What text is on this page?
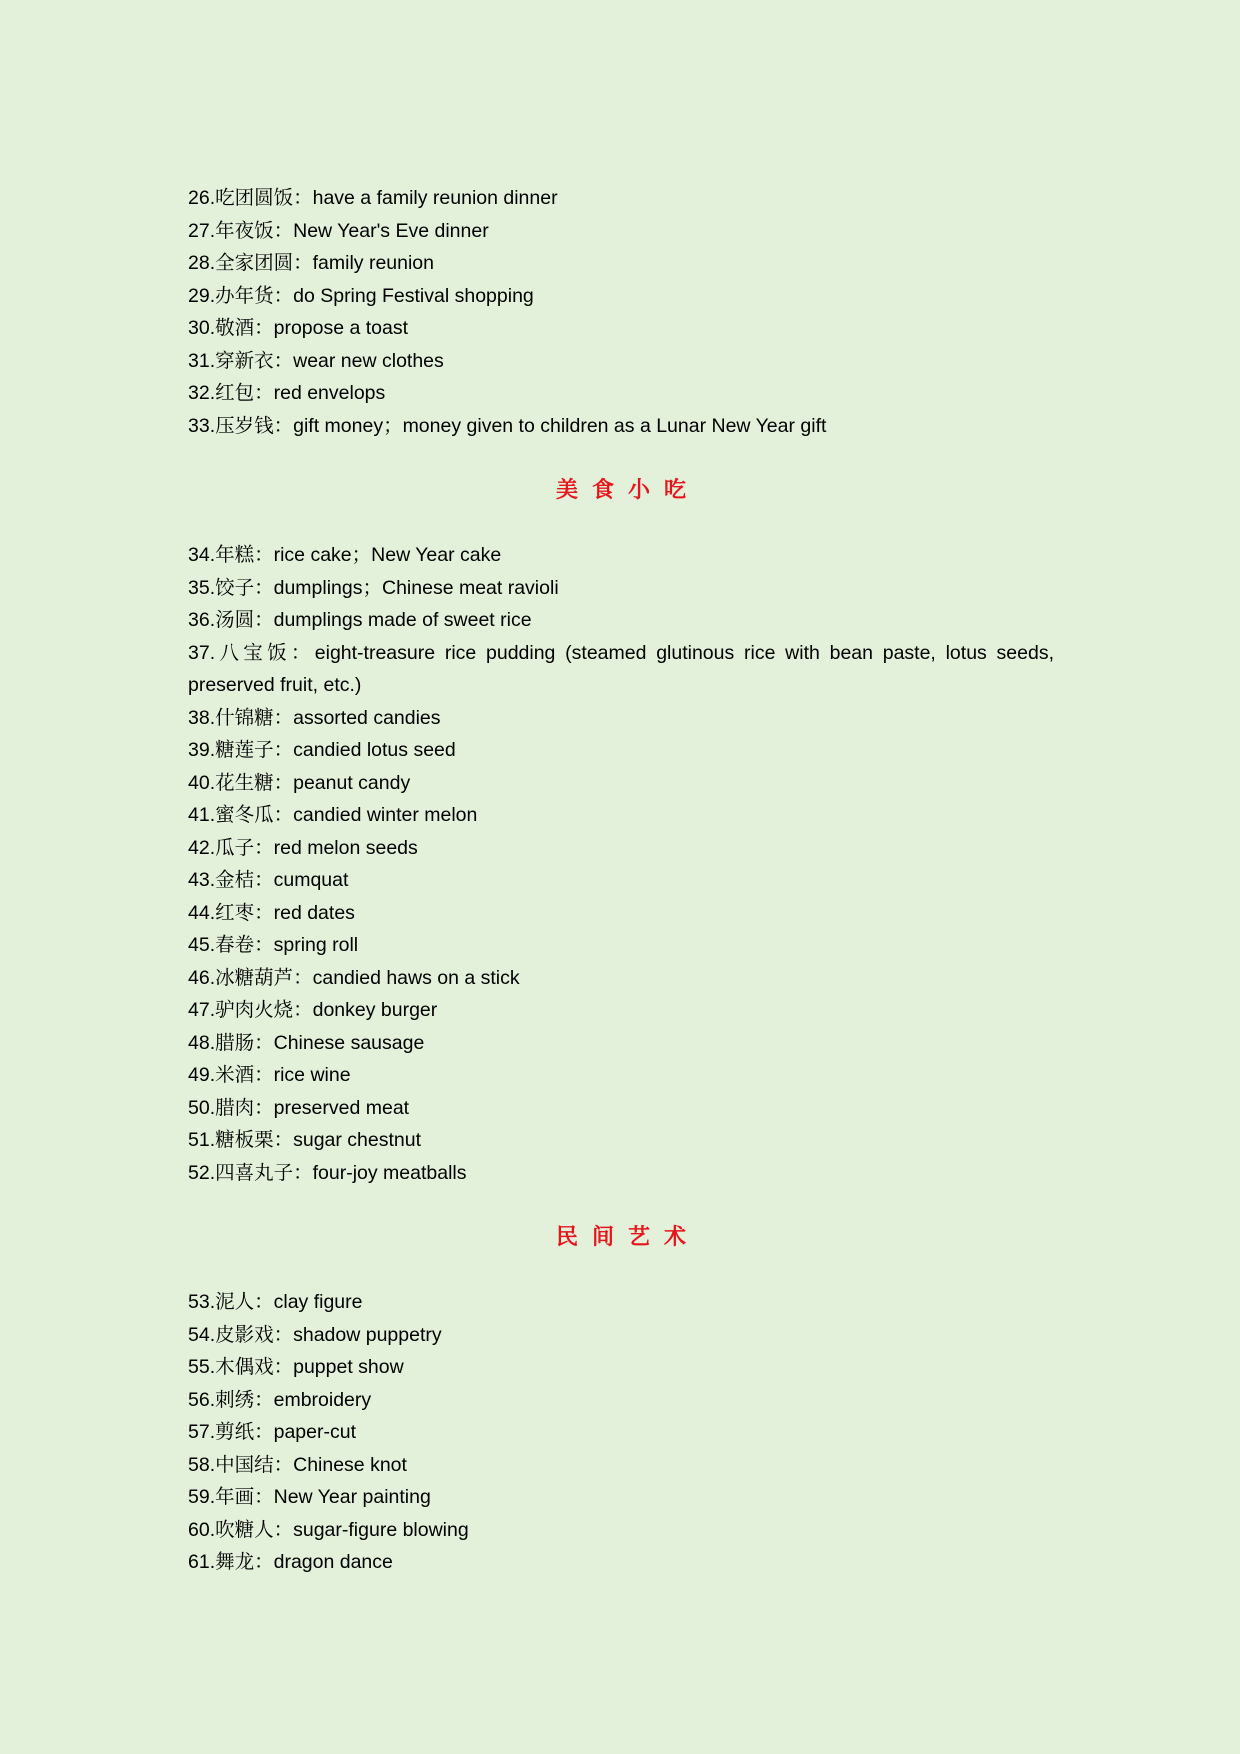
26.吃团圆饭：have a family reunion dinner
27.年夜饭：New Year's Eve dinner
28.全家团圆：family reunion
29.办年货：do Spring Festival shopping
30.敬酒：propose a toast
31.穿新衣：wear new clothes
32.红包：red envelops
33.压岁钱：gift money；money given to children as a Lunar New Year gift
美食小吃
34.年糕：rice cake；New Year cake
35.饺子：dumplings；Chinese meat ravioli
36.汤圆：dumplings made of sweet rice
37.八宝饭：eight-treasure rice pudding (steamed glutinous rice with bean paste, lotus seeds, preserved fruit, etc.)
38.什锦糖：assorted candies
39.糖莲子：candied lotus seed
40.花生糖：peanut candy
41.蜜冬瓜：candied winter melon
42.瓜子：red melon seeds
43.金桔：cumquat
44.红枣：red dates
45.春卷：spring roll
46.冰糖葫芦：candied haws on a stick
47.驴肉火烧：donkey burger
48.腊肠：Chinese sausage
49.米酒：rice wine
50.腊肉：preserved meat
51.糖板栗：sugar chestnut
52.四喜丸子：four-joy meatballs
民间艺术
53.泥人：clay figure
54.皮影戏：shadow puppetry
55.木偶戏：puppet show
56.刺绣：embroidery
57.剪纸：paper-cut
58.中国结：Chinese knot
59.年画：New Year painting
60.吹糖人：sugar-figure blowing
61.舞龙：dragon dance
